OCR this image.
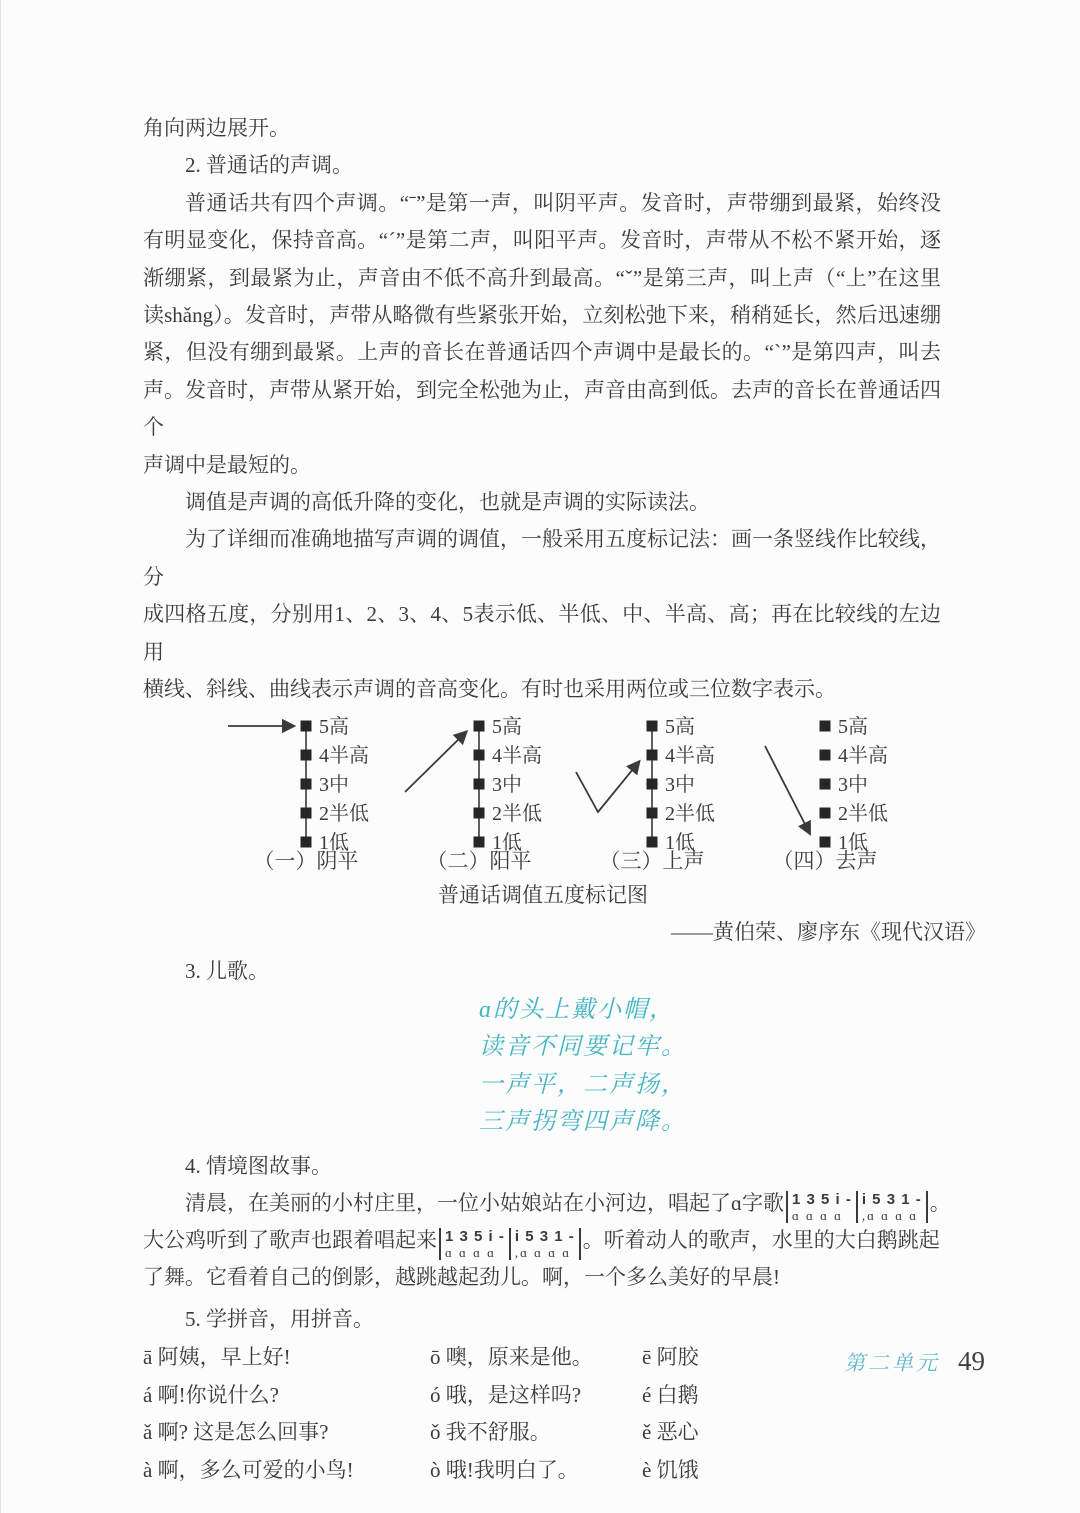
角向两边展开。
2. 普通话的声调。
普通话共有四个声调。“ˉ”是第一声，叫阴平声。发音时，声带绷到最紧，始终没
有明显变化，保持音高。“ˊ”是第二声，叫阳平声。发音时，声带从不松不紧开始，逐
渐绷紧，到最紧为止，声音由不低不高升到最高。“ˇ”是第三声，叫上声（“上”在这里
读shǎng）。发音时，声带从略微有些紧张开始，立刻松弛下来，稍稍延长，然后迅速绷
紧，但没有绷到最紧。上声的音长在普通话四个声调中是最长的。“ˋ”是第四声，叫去
声。发音时，声带从紧开始，到完全松弛为止，声音由高到低。去声的音长在普通话四个
声调中是最短的。
调值是声调的高低升降的变化，也就是声调的实际读法。
为了详细而准确地描写声调的调值，一般采用五度标记法：画一条竖线作比较线，分
成四格五度，分别用1、2、3、4、5表示低、半低、中、半高、高；再在比较线的左边用
横线、斜线、曲线表示声调的音高变化。有时也采用两位或三位数字表示。
5高
4半高
3中
2半低
1低
（一）阴平
5高
4半高
3中
2半低
1低
（二）阳平
5高
4半高
3中
2半低
1低
（三）上声
5高
4半高
3中
2半低
1低
（四）去声
普通话调值五度标记图
——黄伯荣、廖序东《现代汉语》
3. 儿歌。
ɑ的头上戴小帽，
读音不同要记牢。
一声平，二声扬，
三声拐弯四声降。
4. 情境图故事。
清晨，在美丽的小村庄里，一位小姑娘站在小河边，唱起了ɑ字歌 1 3 5 i -
ɑ ɑ ɑ ɑ
i 5 3 1 -
,ɑ ɑ ɑ ɑ
。
大公鸡听到了歌声也跟着唱起来 1 3 5 i -
ɑ ɑ ɑ ɑ
i 5 3 1 -
,ɑ ɑ ɑ ɑ
。听着动人的歌声，水里的大白鹅跳起
了舞。它看着自己的倒影，越跳越起劲儿。啊，一个多么美好的早晨!
5. 学拼音，用拼音。
ā 阿姨，早上好!	ō 噢，原来是他。	ē 阿胶
á 啊!你说什么?	ó 哦，是这样吗?	é 白鹅
ǎ 啊? 这是怎么回事?	ǒ 我不舒服。	ě 恶心
à 啊，多么可爱的小鸟!	ò 哦!我明白了。	è 饥饿
第二单元 49
